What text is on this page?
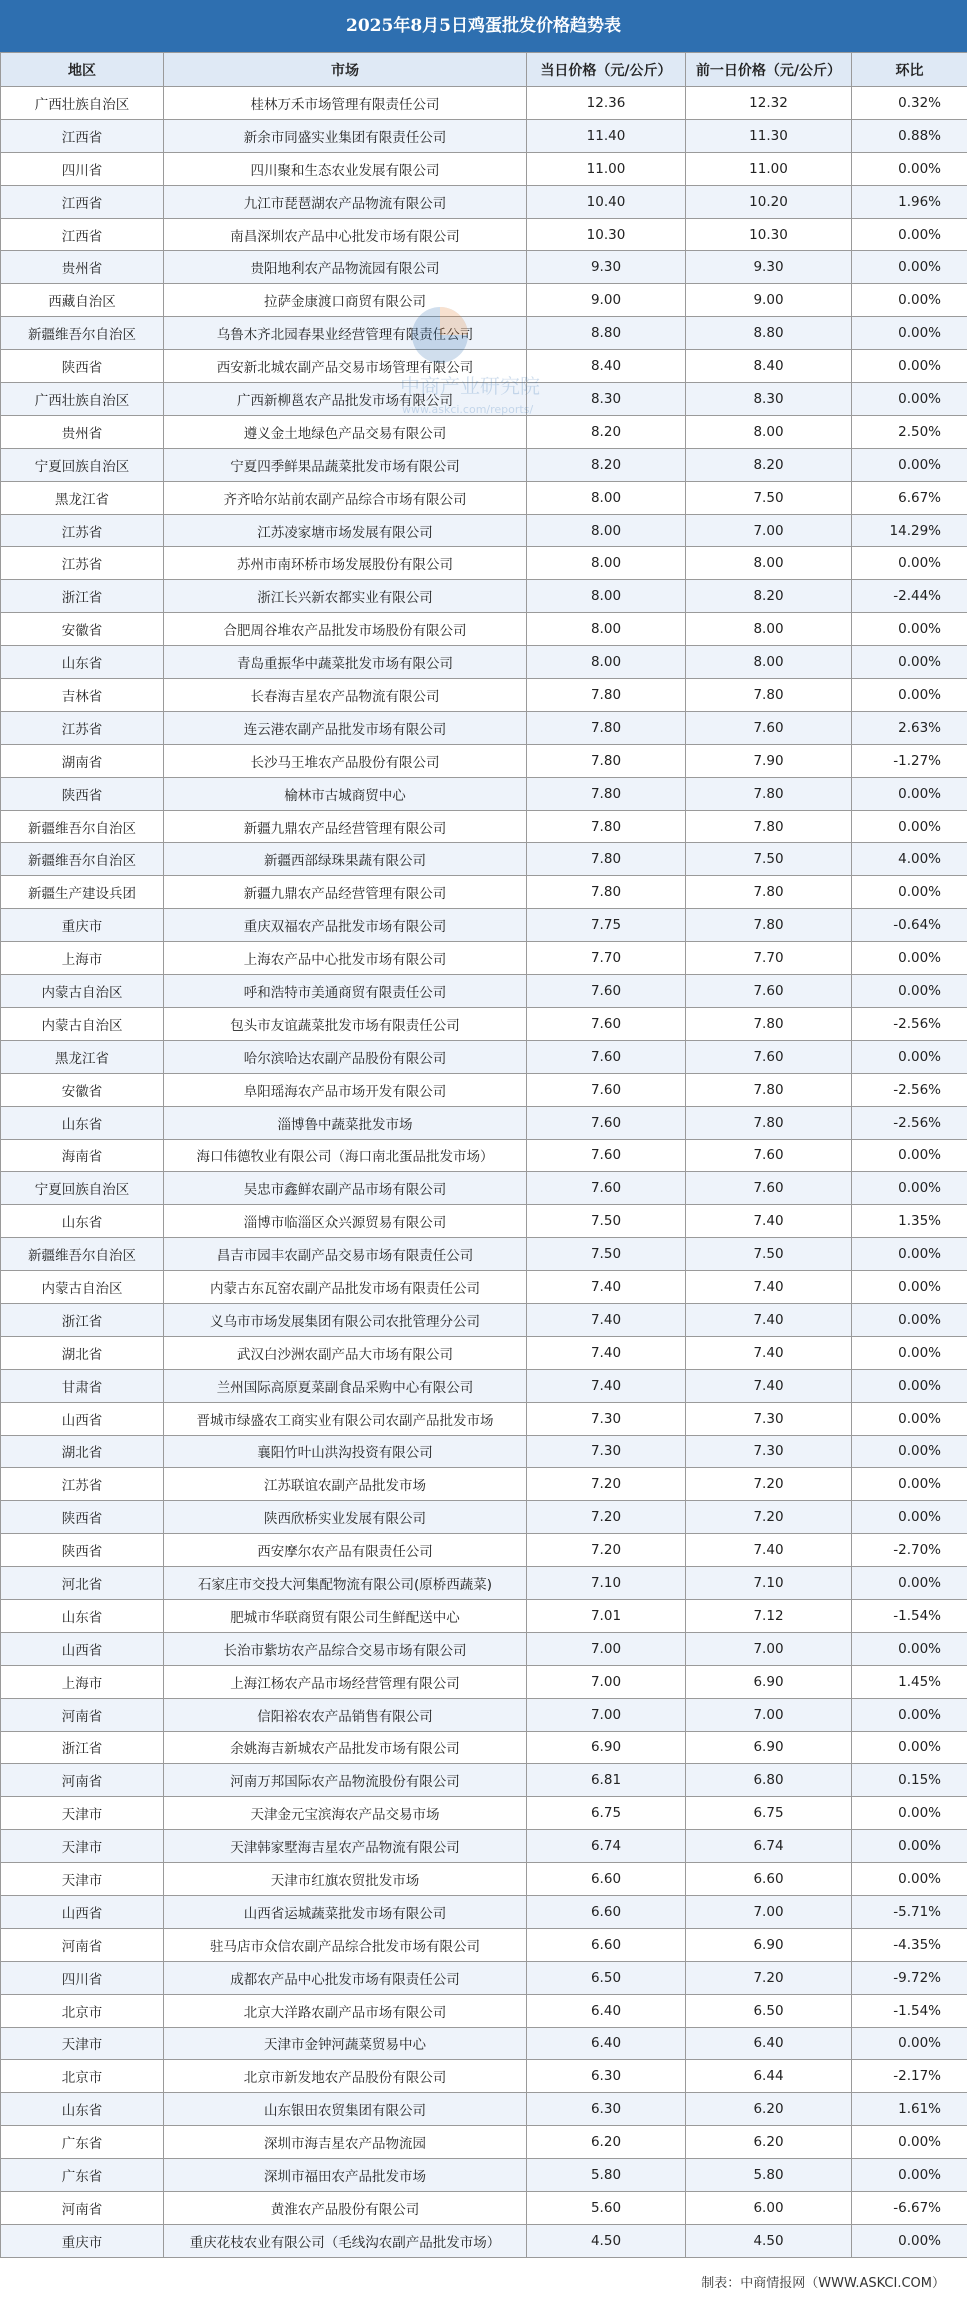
2025年8月5日鸡蛋批发价格趋势表
地区	市场	当日价格（元/公斤）	前一日价格（元/公斤）	环比
广西壮族自治区	桂林万禾市场管理有限责任公司	12.36	12.32	0.32%
江西省	新余市同盛实业集团有限责任公司	11.40	11.30	0.88%
四川省	四川聚和生态农业发展有限公司	11.00	11.00	0.00%
江西省	九江市琵琶湖农产品物流有限公司	10.40	10.20	1.96%
江西省	南昌深圳农产品中心批发市场有限公司	10.30	10.30	0.00%
贵州省	贵阳地利农产品物流园有限公司	9.30	9.30	0.00%
西藏自治区	拉萨金康渡口商贸有限公司	9.00	9.00	0.00%
新疆维吾尔自治区	乌鲁木齐北园春果业经营管理有限责任公司	8.80	8.80	0.00%
陕西省	西安新北城农副产品交易市场管理有限公司	8.40	8.40	0.00%
广西壮族自治区	广西新柳邕农产品批发市场有限公司	8.30	8.30	0.00%
贵州省	遵义金土地绿色产品交易有限公司	8.20	8.00	2.50%
宁夏回族自治区	宁夏四季鲜果品蔬菜批发市场有限公司	8.20	8.20	0.00%
黑龙江省	齐齐哈尔站前农副产品综合市场有限公司	8.00	7.50	6.67%
江苏省	江苏凌家塘市场发展有限公司	8.00	7.00	14.29%
江苏省	苏州市南环桥市场发展股份有限公司	8.00	8.00	0.00%
浙江省	浙江长兴新农都实业有限公司	8.00	8.20	-2.44%
安徽省	合肥周谷堆农产品批发市场股份有限公司	8.00	8.00	0.00%
山东省	青岛重振华中蔬菜批发市场有限公司	8.00	8.00	0.00%
吉林省	长春海吉星农产品物流有限公司	7.80	7.80	0.00%
江苏省	连云港农副产品批发市场有限公司	7.80	7.60	2.63%
湖南省	长沙马王堆农产品股份有限公司	7.80	7.90	-1.27%
陕西省	榆林市古城商贸中心	7.80	7.80	0.00%
新疆维吾尔自治区	新疆九鼎农产品经营管理有限公司	7.80	7.80	0.00%
新疆维吾尔自治区	新疆西部绿珠果蔬有限公司	7.80	7.50	4.00%
新疆生产建设兵团	新疆九鼎农产品经营管理有限公司	7.80	7.80	0.00%
重庆市	重庆双福农产品批发市场有限公司	7.75	7.80	-0.64%
上海市	上海农产品中心批发市场有限公司	7.70	7.70	0.00%
内蒙古自治区	呼和浩特市美通商贸有限责任公司	7.60	7.60	0.00%
内蒙古自治区	包头市友谊蔬菜批发市场有限责任公司	7.60	7.80	-2.56%
黑龙江省	哈尔滨哈达农副产品股份有限公司	7.60	7.60	0.00%
安徽省	阜阳瑶海农产品市场开发有限公司	7.60	7.80	-2.56%
山东省	淄博鲁中蔬菜批发市场	7.60	7.80	-2.56%
海南省	海口伟德牧业有限公司（海口南北蛋品批发市场）	7.60	7.60	0.00%
宁夏回族自治区	吴忠市鑫鲜农副产品市场有限公司	7.60	7.60	0.00%
山东省	淄博市临淄区众兴源贸易有限公司	7.50	7.40	1.35%
新疆维吾尔自治区	昌吉市园丰农副产品交易市场有限责任公司	7.50	7.50	0.00%
内蒙古自治区	内蒙古东瓦窑农副产品批发市场有限责任公司	7.40	7.40	0.00%
浙江省	义乌市市场发展集团有限公司农批管理分公司	7.40	7.40	0.00%
湖北省	武汉白沙洲农副产品大市场有限公司	7.40	7.40	0.00%
甘肃省	兰州国际高原夏菜副食品采购中心有限公司	7.40	7.40	0.00%
山西省	晋城市绿盛农工商实业有限公司农副产品批发市场	7.30	7.30	0.00%
湖北省	襄阳竹叶山洪沟投资有限公司	7.30	7.30	0.00%
江苏省	江苏联谊农副产品批发市场	7.20	7.20	0.00%
陕西省	陕西欣桥实业发展有限公司	7.20	7.20	0.00%
陕西省	西安摩尔农产品有限责任公司	7.20	7.40	-2.70%
河北省	石家庄市交投大河集配物流有限公司(原桥西蔬菜)	7.10	7.10	0.00%
山东省	肥城市华联商贸有限公司生鲜配送中心	7.01	7.12	-1.54%
山西省	长治市紫坊农产品综合交易市场有限公司	7.00	7.00	0.00%
上海市	上海江杨农产品市场经营管理有限公司	7.00	6.90	1.45%
河南省	信阳裕农农产品销售有限公司	7.00	7.00	0.00%
浙江省	余姚海吉新城农产品批发市场有限公司	6.90	6.90	0.00%
河南省	河南万邦国际农产品物流股份有限公司	6.81	6.80	0.15%
天津市	天津金元宝滨海农产品交易市场	6.75	6.75	0.00%
天津市	天津韩家墅海吉星农产品物流有限公司	6.74	6.74	0.00%
天津市	天津市红旗农贸批发市场	6.60	6.60	0.00%
山西省	山西省运城蔬菜批发市场有限公司	6.60	7.00	-5.71%
河南省	驻马店市众信农副产品综合批发市场有限公司	6.60	6.90	-4.35%
四川省	成都农产品中心批发市场有限责任公司	6.50	7.20	-9.72%
北京市	北京大洋路农副产品市场有限公司	6.40	6.50	-1.54%
天津市	天津市金钟河蔬菜贸易中心	6.40	6.40	0.00%
北京市	北京市新发地农产品股份有限公司	6.30	6.44	-2.17%
山东省	山东银田农贸集团有限公司	6.30	6.20	1.61%
广东省	深圳市海吉星农产品物流园	6.20	6.20	0.00%
广东省	深圳市福田农产品批发市场	5.80	5.80	0.00%
河南省	黄淮农产品股份有限公司	5.60	6.00	-6.67%
重庆市	重庆花枝农业有限公司（毛线沟农副产品批发市场）	4.50	4.50	0.00%
中商产业研究院
www.askci.com/reports/
制表：中商情报网（WWW.ASKCI.COM）
